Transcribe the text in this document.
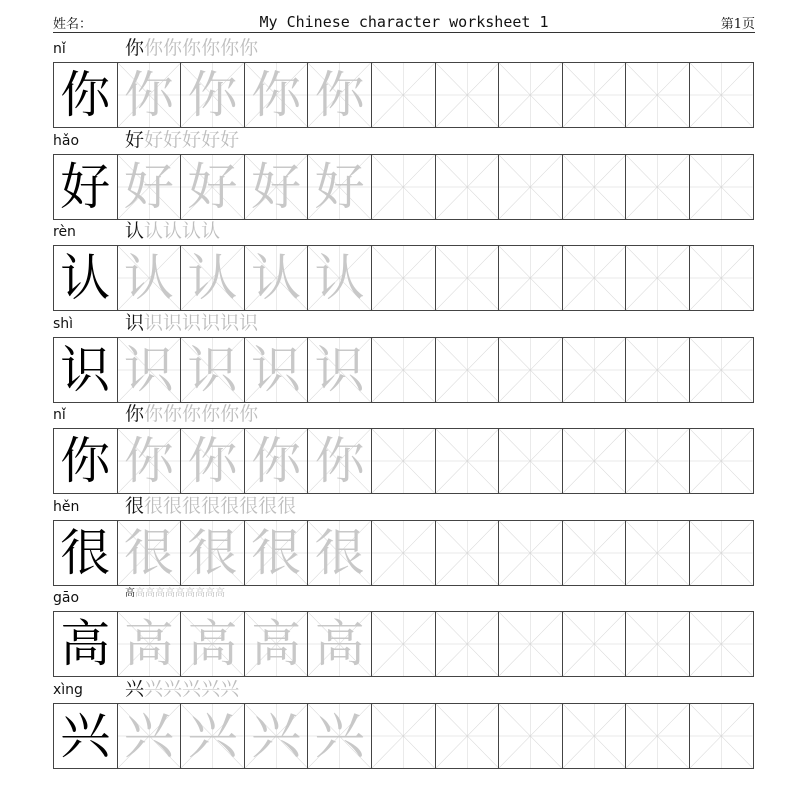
姓名：	My Chinese character worksheet 1	第1页
nǐ	你你你你你你你
你 你 你 你 你
hǎo 好好好好好好
好 好 好 好 好
rèn	认认认认认
认 认 认 认 认
shì	识识识识识识识
识 识 识 识 识
nǐ	你你你你你你你
你 你 你 你 你
hěn 很很很很很很很很很
很 很 很 很 很
gāo	高高高高高高高高高高
高 高 高 高 高
xìng 兴兴兴兴兴兴
兴 兴 兴 兴 兴
